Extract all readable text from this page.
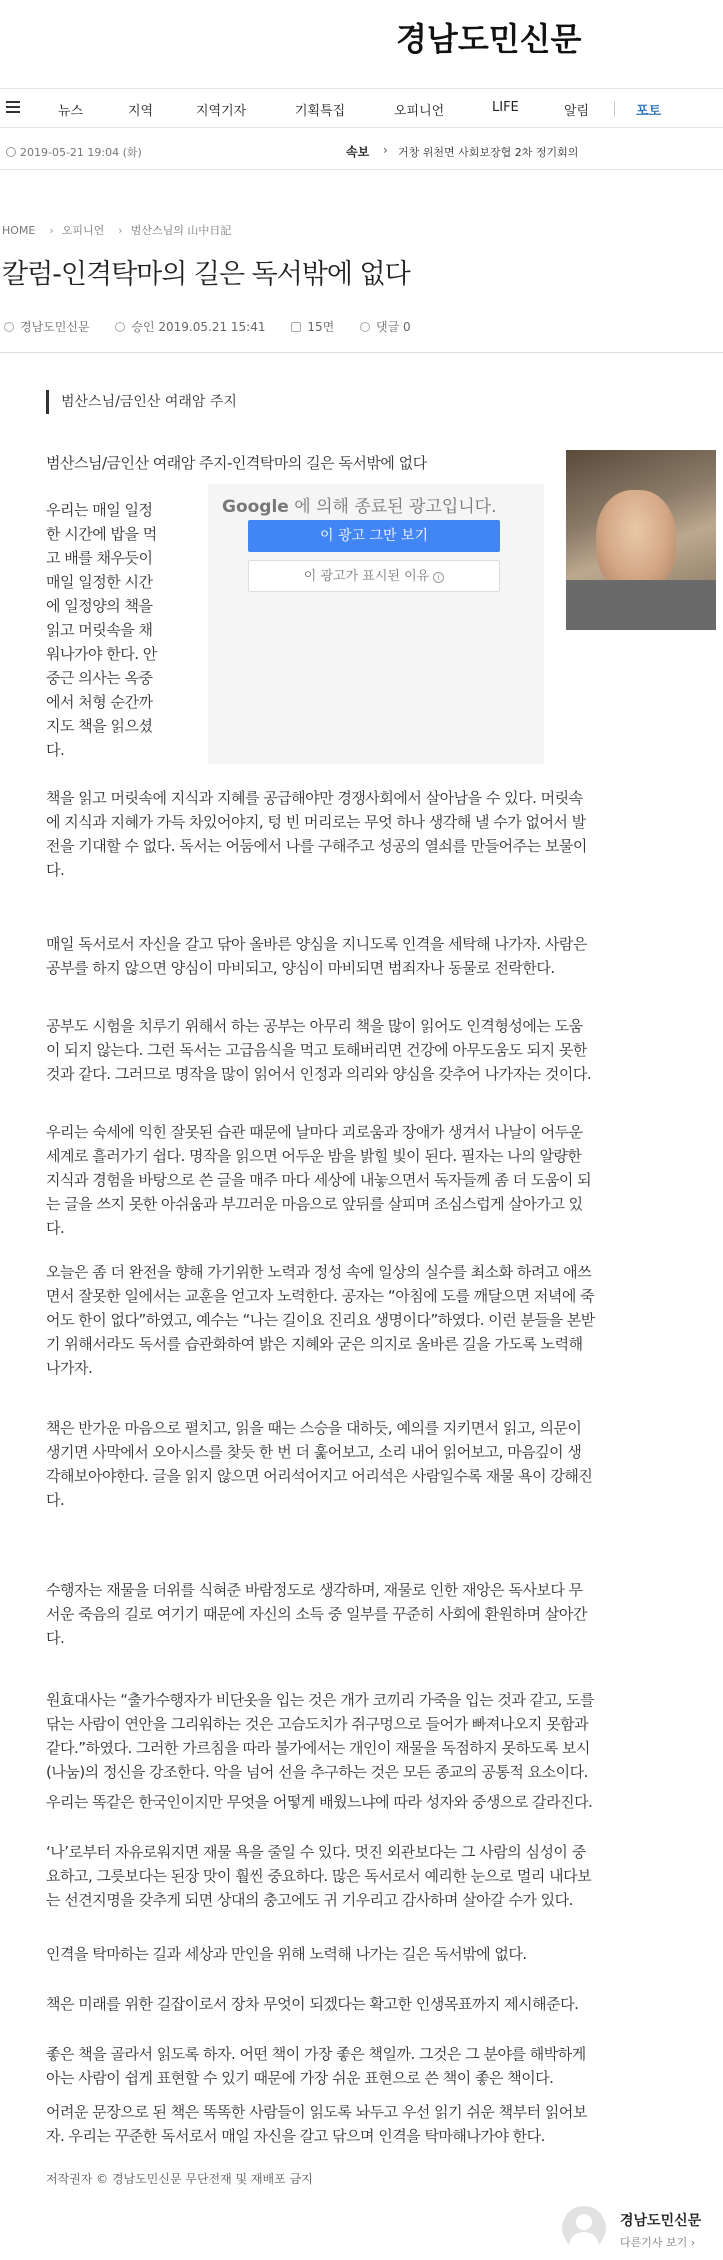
경남도민신문
뉴스	지역	지역기자	기획특집	오피니언	LIFE	알림	포토
2019-05-21 19:04 (화)	속보 › 거창 위천면 사회보장협 2차 정기회의
HOME › 오피니언 › 범산스님의 山中日記
칼럼-인격탁마의 길은 독서밖에 없다
경남도민신문	승인 2019.05.21 15:41	15면	댓글 0
범산스님/금인산 여래암 주지
범산스님/금인산 여래암 주지-인격탁마의 길은 독서밖에 없다
우리는 매일 일정
한 시간에 밥을 먹
고 배를 채우듯이
매일 일정한 시간
에 일정양의 책을
읽고 머릿속을 채
워나가야 한다. 안
중근 의사는 옥중
에서 처형 순간까
지도 책을 읽으셨
다.
Google 에 의해 종료된 광고입니다.
이 광고 그만 보기
이 광고가 표시된 이유 i
책을 읽고 머릿속에 지식과 지혜를 공급해야만 경쟁사회에서 살아남을 수 있다. 머릿속
에 지식과 지혜가 가득 차있어야지, 텅 빈 머리로는 무엇 하나 생각해 낼 수가 없어서 발
전을 기대할 수 없다. 독서는 어둠에서 나를 구해주고 성공의 열쇠를 만들어주는 보물이
다.
매일 독서로서 자신을 갈고 닦아 올바른 양심을 지니도록 인격을 세탁해 나가자. 사람은
공부를 하지 않으면 양심이 마비되고, 양심이 마비되면 범죄자나 동물로 전락한다.
공부도 시험을 치루기 위해서 하는 공부는 아무리 책을 많이 읽어도 인격형성에는 도움
이 되지 않는다. 그런 독서는 고급음식을 먹고 토해버리면 건강에 아무도움도 되지 못한
것과 같다. 그러므로 명작을 많이 읽어서 인정과 의리와 양심을 갖추어 나가자는 것이다.
우리는 숙세에 익힌 잘못된 습관 때문에 날마다 괴로움과 장애가 생겨서 나날이 어두운
세계로 흘러가기 쉽다. 명작을 읽으면 어두운 밤을 밝힐 빛이 된다. 필자는 나의 알량한
지식과 경험을 바탕으로 쓴 글을 매주 마다 세상에 내놓으면서 독자들께 좀 더 도움이 되
는 글을 쓰지 못한 아쉬움과 부끄러운 마음으로 앞뒤를 살피며 조심스럽게 살아가고 있
다.
오늘은 좀 더 완전을 향해 가기위한 노력과 정성 속에 일상의 실수를 최소화 하려고 애쓰
면서 잘못한 일에서는 교훈을 얻고자 노력한다. 공자는 “아침에 도를 깨달으면 저녁에 죽
어도 한이 없다”하였고, 예수는 “나는 길이요 진리요 생명이다”하였다. 이런 분들을 본받
기 위해서라도 독서를 습관화하여 밝은 지혜와 굳은 의지로 올바른 길을 가도록 노력해
나가자.
책은 반가운 마음으로 펼치고, 읽을 때는 스승을 대하듯, 예의를 지키면서 읽고, 의문이
생기면 사막에서 오아시스를 찾듯 한 번 더 훑어보고, 소리 내어 읽어보고, 마음깊이 생
각해보아야한다. 글을 읽지 않으면 어리석어지고 어리석은 사람일수록 재물 욕이 강해진
다.
수행자는 재물을 더위를 식혀준 바람정도로 생각하며, 재물로 인한 재앙은 독사보다 무
서운 죽음의 길로 여기기 때문에 자신의 소득 중 일부를 꾸준히 사회에 환원하며 살아간
다.
원효대사는 “출가수행자가 비단옷을 입는 것은 개가 코끼리 가죽을 입는 것과 같고, 도를
닦는 사람이 연안을 그리워하는 것은 고슴도치가 쥐구멍으로 들어가 빠져나오지 못함과
같다.”하였다. 그러한 가르침을 따라 불가에서는 개인이 재물을 독점하지 못하도록 보시
(나눔)의 정신을 강조한다. 악을 넘어 선을 추구하는 것은 모든 종교의 공통적 요소이다.
우리는 똑같은 한국인이지만 무엇을 어떻게 배웠느냐에 따라 성자와 중생으로 갈라진다.
‘나’로부터 자유로워지면 재물 욕을 줄일 수 있다. 멋진 외관보다는 그 사람의 심성이 중
요하고, 그릇보다는 된장 맛이 훨씬 중요하다. 많은 독서로서 예리한 눈으로 멀리 내다보
는 선견지명을 갖추게 되면 상대의 충고에도 귀 기우리고 감사하며 살아갈 수가 있다.
인격을 탁마하는 길과 세상과 만인을 위해 노력해 나가는 길은 독서밖에 없다.
책은 미래를 위한 길잡이로서 장차 무엇이 되겠다는 확고한 인생목표까지 제시해준다.
좋은 책을 골라서 읽도록 하자. 어떤 책이 가장 좋은 책일까. 그것은 그 분야를 해박하게
아는 사람이 쉽게 표현할 수 있기 때문에 가장 쉬운 표현으로 쓴 책이 좋은 책이다.
어려운 문장으로 된 책은 똑똑한 사람들이 읽도록 놔두고 우선 읽기 쉬운 책부터 읽어보
자. 우리는 꾸준한 독서로서 매일 자신을 갈고 닦으며 인격을 탁마해나가야 한다.
저작권자 © 경남도민신문 무단전재 및 재배포 금지
경남도민신문
다른기사 보기 ›
